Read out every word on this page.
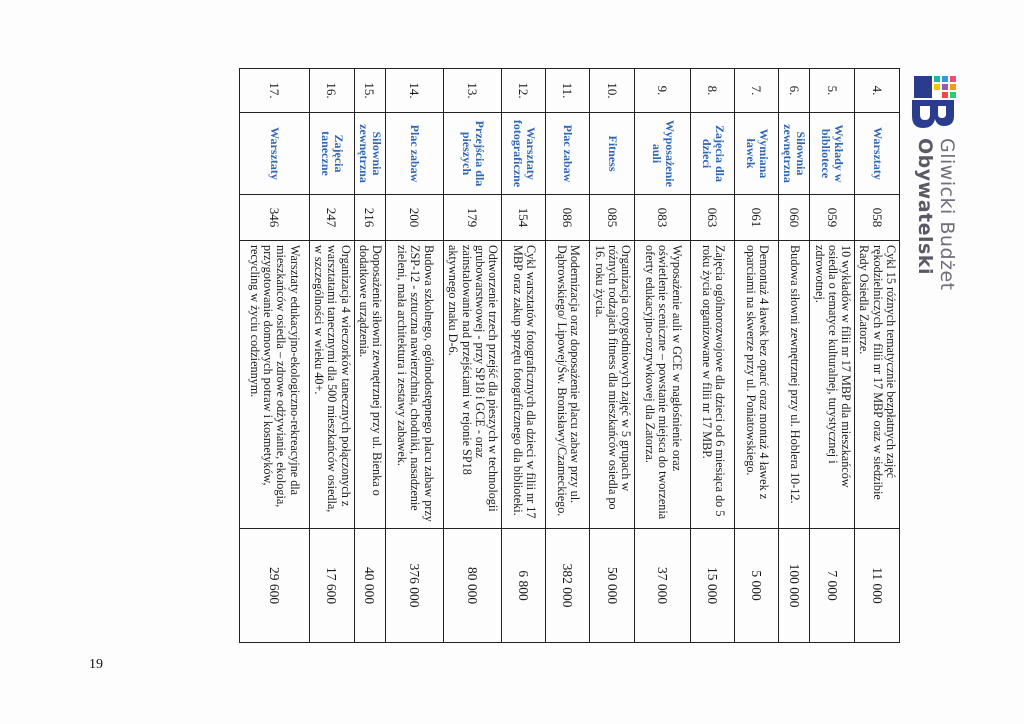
Gliwicki Budżet
Obywatelski
4.	Warsztaty	058	Cykl 15 różnych tematycznie bezpłatnych zajęć rękodzielniczych w filii nr 17 MBP oraz w siedzibie Rady Osiedla Zatorze.	11 000
5.	Wykłady w bibliotece	059	10 wykładów w filii nr 17 MBP dla mieszkańców osiedla o tematyce kulturalnej, turystycznej i zdrowotnej.	7 000
6.	Siłownia zewnętrzna	060	Budowa siłowni zewnętrznej przy ul. Hoblera 10-12.	100 000
7.	Wymiana ławek	061	Demontaż 4 ławek bez oparć oraz montaż 4 ławek z oparciami na skwerze przy ul. Poniatowskiego.	5 000
8.	Zajęcia dla dzieci	063	Zajęcia ogólnorozwojowe dla dzieci od 6 miesiąca do 5 roku życia organizowane w filii nr 17 MBP.	15 000
9.	Wyposażenie auli	083	Wyposażenie auli w GCE w nagłośnienie oraz oświetlenie sceniczne – powstanie miejsca do tworzenia oferty edukacyjno-rozrywkowej dla Zatorza.	37 000
10.	Fitness	085	Organizacja cotygodniowych zajęć w 5 grupach w różnych rodzajach fitness dla mieszkańców osiedla po 16. roku życia.	50 000
11.	Plac zabaw	086	Modernizacja oraz doposażenie placu zabaw przy ul. Dąbrowskiego/ Lipowej/Św. Bronisławy/Czameckiego.	382 000
12.	Warsztaty fotograficzne	154	Cykl warsztatów fotograficznych dla dzieci w filii nr 17 MBP oraz zakup sprzętu fotograficznego dla biblioteki.	6 800
13.	Przejścia dla pieszych	179	Odtworzenie trzech przejść dla pieszych w technologii grubowarstwowej - przy SP18 i GCE - oraz zainstalowanie nad przejściami w rejonie SP18 aktywnego znaku D-6.	80 000
14.	Plac zabaw	200	Budowa szkolnego, ogólnodostępnego placu zabaw przy ZSP-12 - sztuczna nawierzchnia, chodniki, nasadzenie zieleni, mała architektura i zestawy zabawek.	376 000
15.	Siłownia zewnętrzna	216	Doposażenie siłowni zewnętrznej przy ul. Bienka o dodatkowe urządzenia.	40 000
16.	Zajęcia taneczne	247	Organizacja 4 wieczorków tanecznych połączonych z warsztatami tanecznymi dla 500 mieszkańców osiedla, w szczególności w wieku 40+.	17 600
17.	Warsztaty	346	Warsztaty edukacyjno-ekologiczno-rekreacyjne dla mieszkańców osiedla – zdrowe odżywianie, ekologia, przygotowanie domowych potraw i kosmetyków, recycling w życiu codziennym.	29 600
19
